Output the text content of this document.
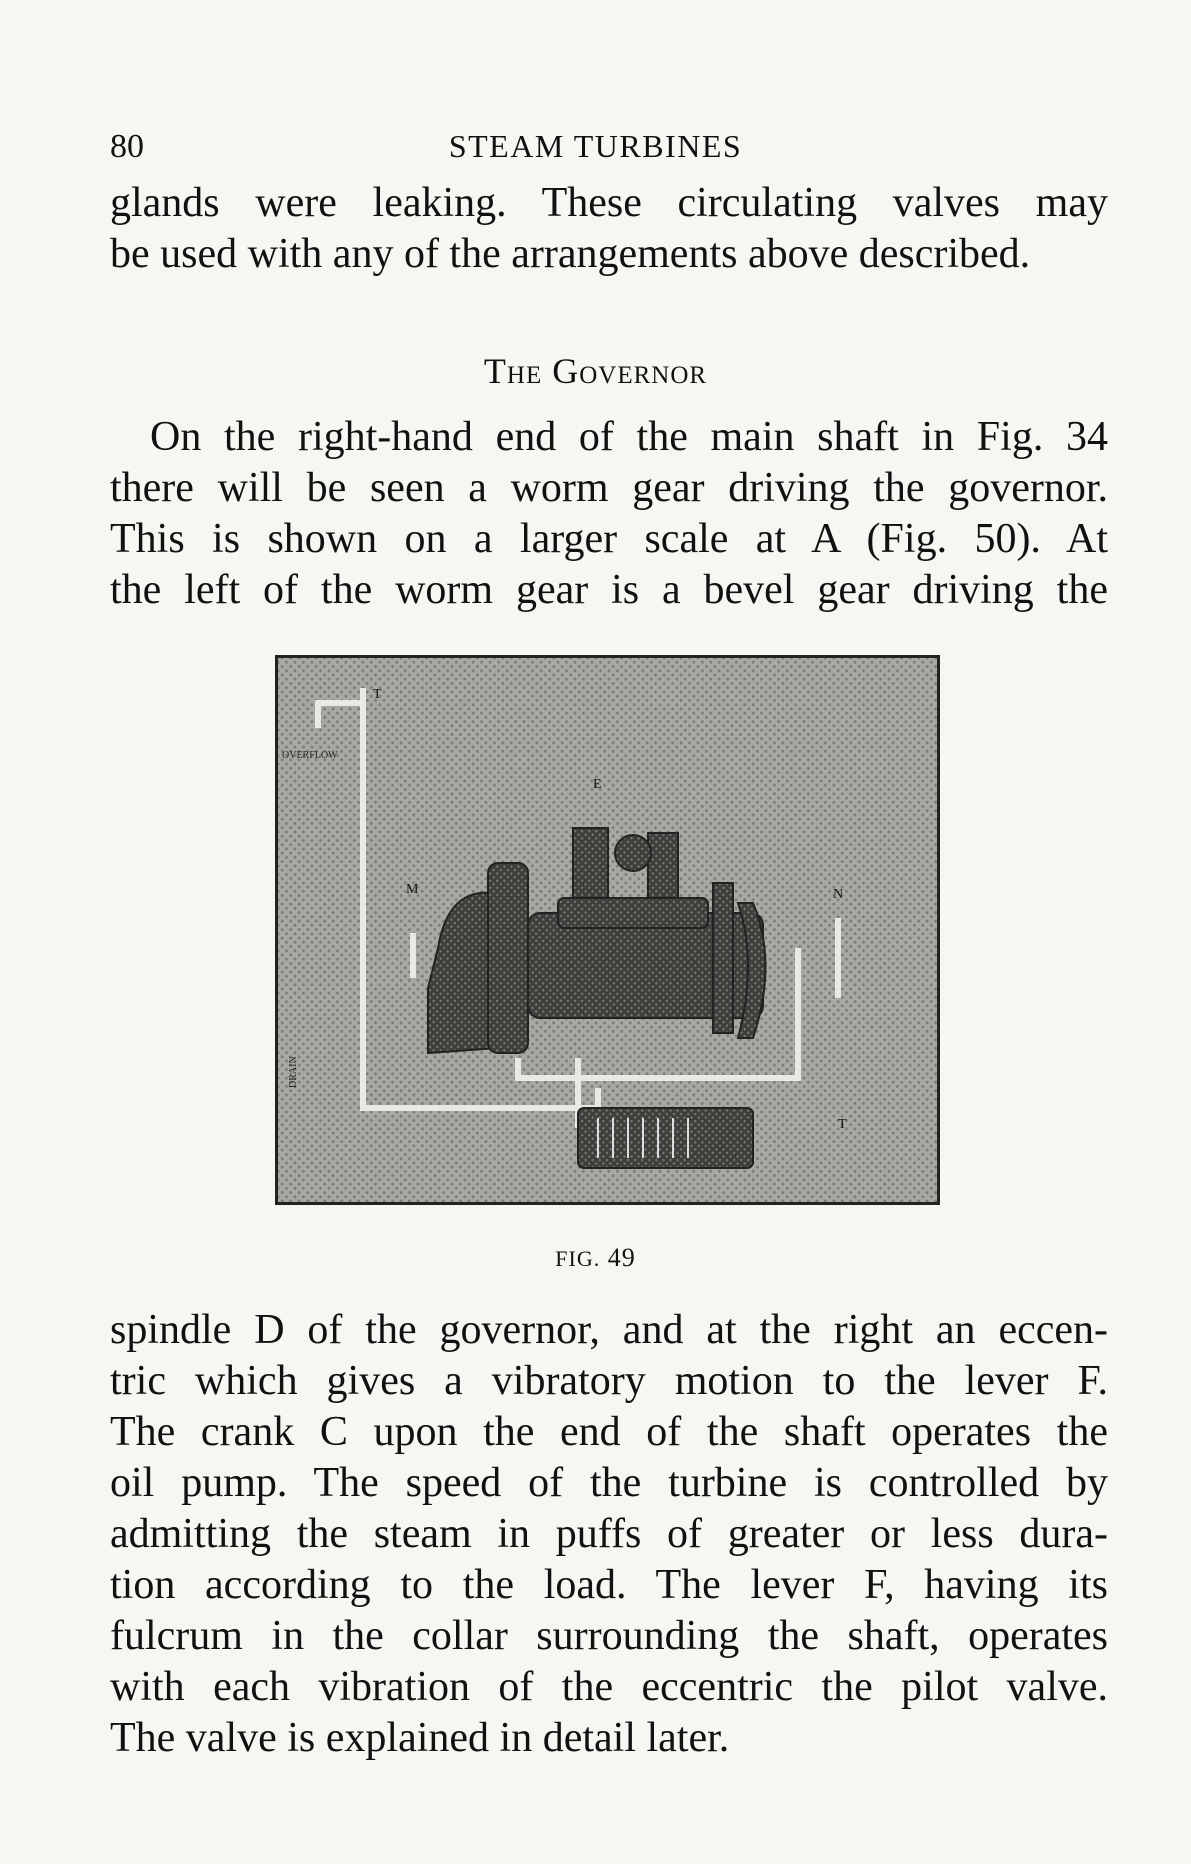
80	STEAM TURBINES
glands were leaking. These circulating valves may
be used with any of the arrangements above described.
The Governor
On the right-hand end of the main shaft in Fig. 34
there will be seen a worm gear driving the governor.
This is shown on a larger scale at A (Fig. 50). At
the left of the worm gear is a bevel gear driving the
M	N
E
T
T
OVERFLOW
DRAIN
FIG. 49
spindle D of the governor, and at the right an eccen-
tric which gives a vibratory motion to the lever F.
The crank C upon the end of the shaft operates the
oil pump. The speed of the turbine is controlled by
admitting the steam in puffs of greater or less dura-
tion according to the load. The lever F, having its
fulcrum in the collar surrounding the shaft, operates
with each vibration of the eccentric the pilot valve.
The valve is explained in detail later.
